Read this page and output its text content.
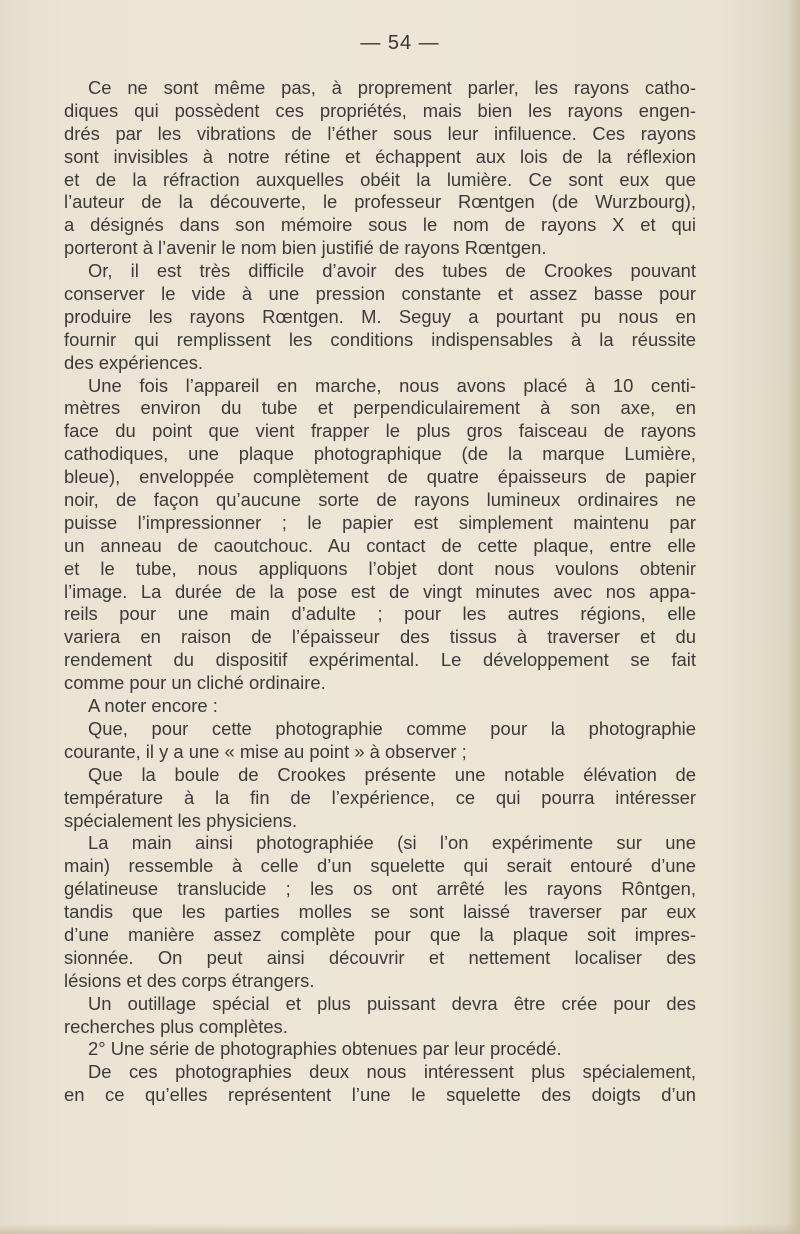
— 54 —
Ce ne sont même pas, à proprement parler, les rayons catho-
diques qui possèdent ces propriétés, mais bien les rayons engen-
drés par les vibrations de l’éther sous leur infiluence. Ces rayons
sont invisibles à notre rétine et échappent aux lois de la réflexion
et de la réfraction auxquelles obéit la lumière. Ce sont eux que
l’auteur de la découverte, le professeur Rœntgen (de Wurzbourg),
a désignés dans son mémoire sous le nom de rayons X et qui
porteront à l’avenir le nom bien justifié de rayons Rœntgen.
Or, il est très difficile d’avoir des tubes de Crookes pouvant
conserver le vide à une pression constante et assez basse pour
produire les rayons Rœntgen. M. Seguy a pourtant pu nous en
fournir qui remplissent les conditions indispensables à la réussite
des expériences.
Une fois l’appareil en marche, nous avons placé à 10 centi-
mètres environ du tube et perpendiculairement à son axe, en
face du point que vient frapper le plus gros faisceau de rayons
cathodiques, une plaque photographique (de la marque Lumière,
bleue), enveloppée complètement de quatre épaisseurs de papier
noir, de façon qu’aucune sorte de rayons lumineux ordinaires ne
puisse l’impressionner ; le papier est simplement maintenu par
un anneau de caoutchouc. Au contact de cette plaque, entre elle
et le tube, nous appliquons l’objet dont nous voulons obtenir
l’image. La durée de la pose est de vingt minutes avec nos appa-
reils pour une main d’adulte ; pour les autres régions, elle
variera en raison de l’épaisseur des tissus à traverser et du
rendement du dispositif expérimental. Le développement se fait
comme pour un cliché ordinaire.
A noter encore :
Que, pour cette photographie comme pour la photographie
courante, il y a une « mise au point » à observer ;
Que la boule de Crookes présente une notable élévation de
température à la fin de l’expérience, ce qui pourra intéresser
spécialement les physiciens.
La main ainsi photographiée (si l’on expérimente sur une
main) ressemble à celle d’un squelette qui serait entouré d’une
gélatineuse translucide ; les os ont arrêté les rayons Rôntgen,
tandis que les parties molles se sont laissé traverser par eux
d’une manière assez complète pour que la plaque soit impres-
sionnée. On peut ainsi découvrir et nettement localiser des
lésions et des corps étrangers.
Un outillage spécial et plus puissant devra être crée pour des
recherches plus complètes.
2° Une série de photographies obtenues par leur procédé.
De ces photographies deux nous intéressent plus spécialement,
en ce qu’elles représentent l’une le squelette des doigts d’un
